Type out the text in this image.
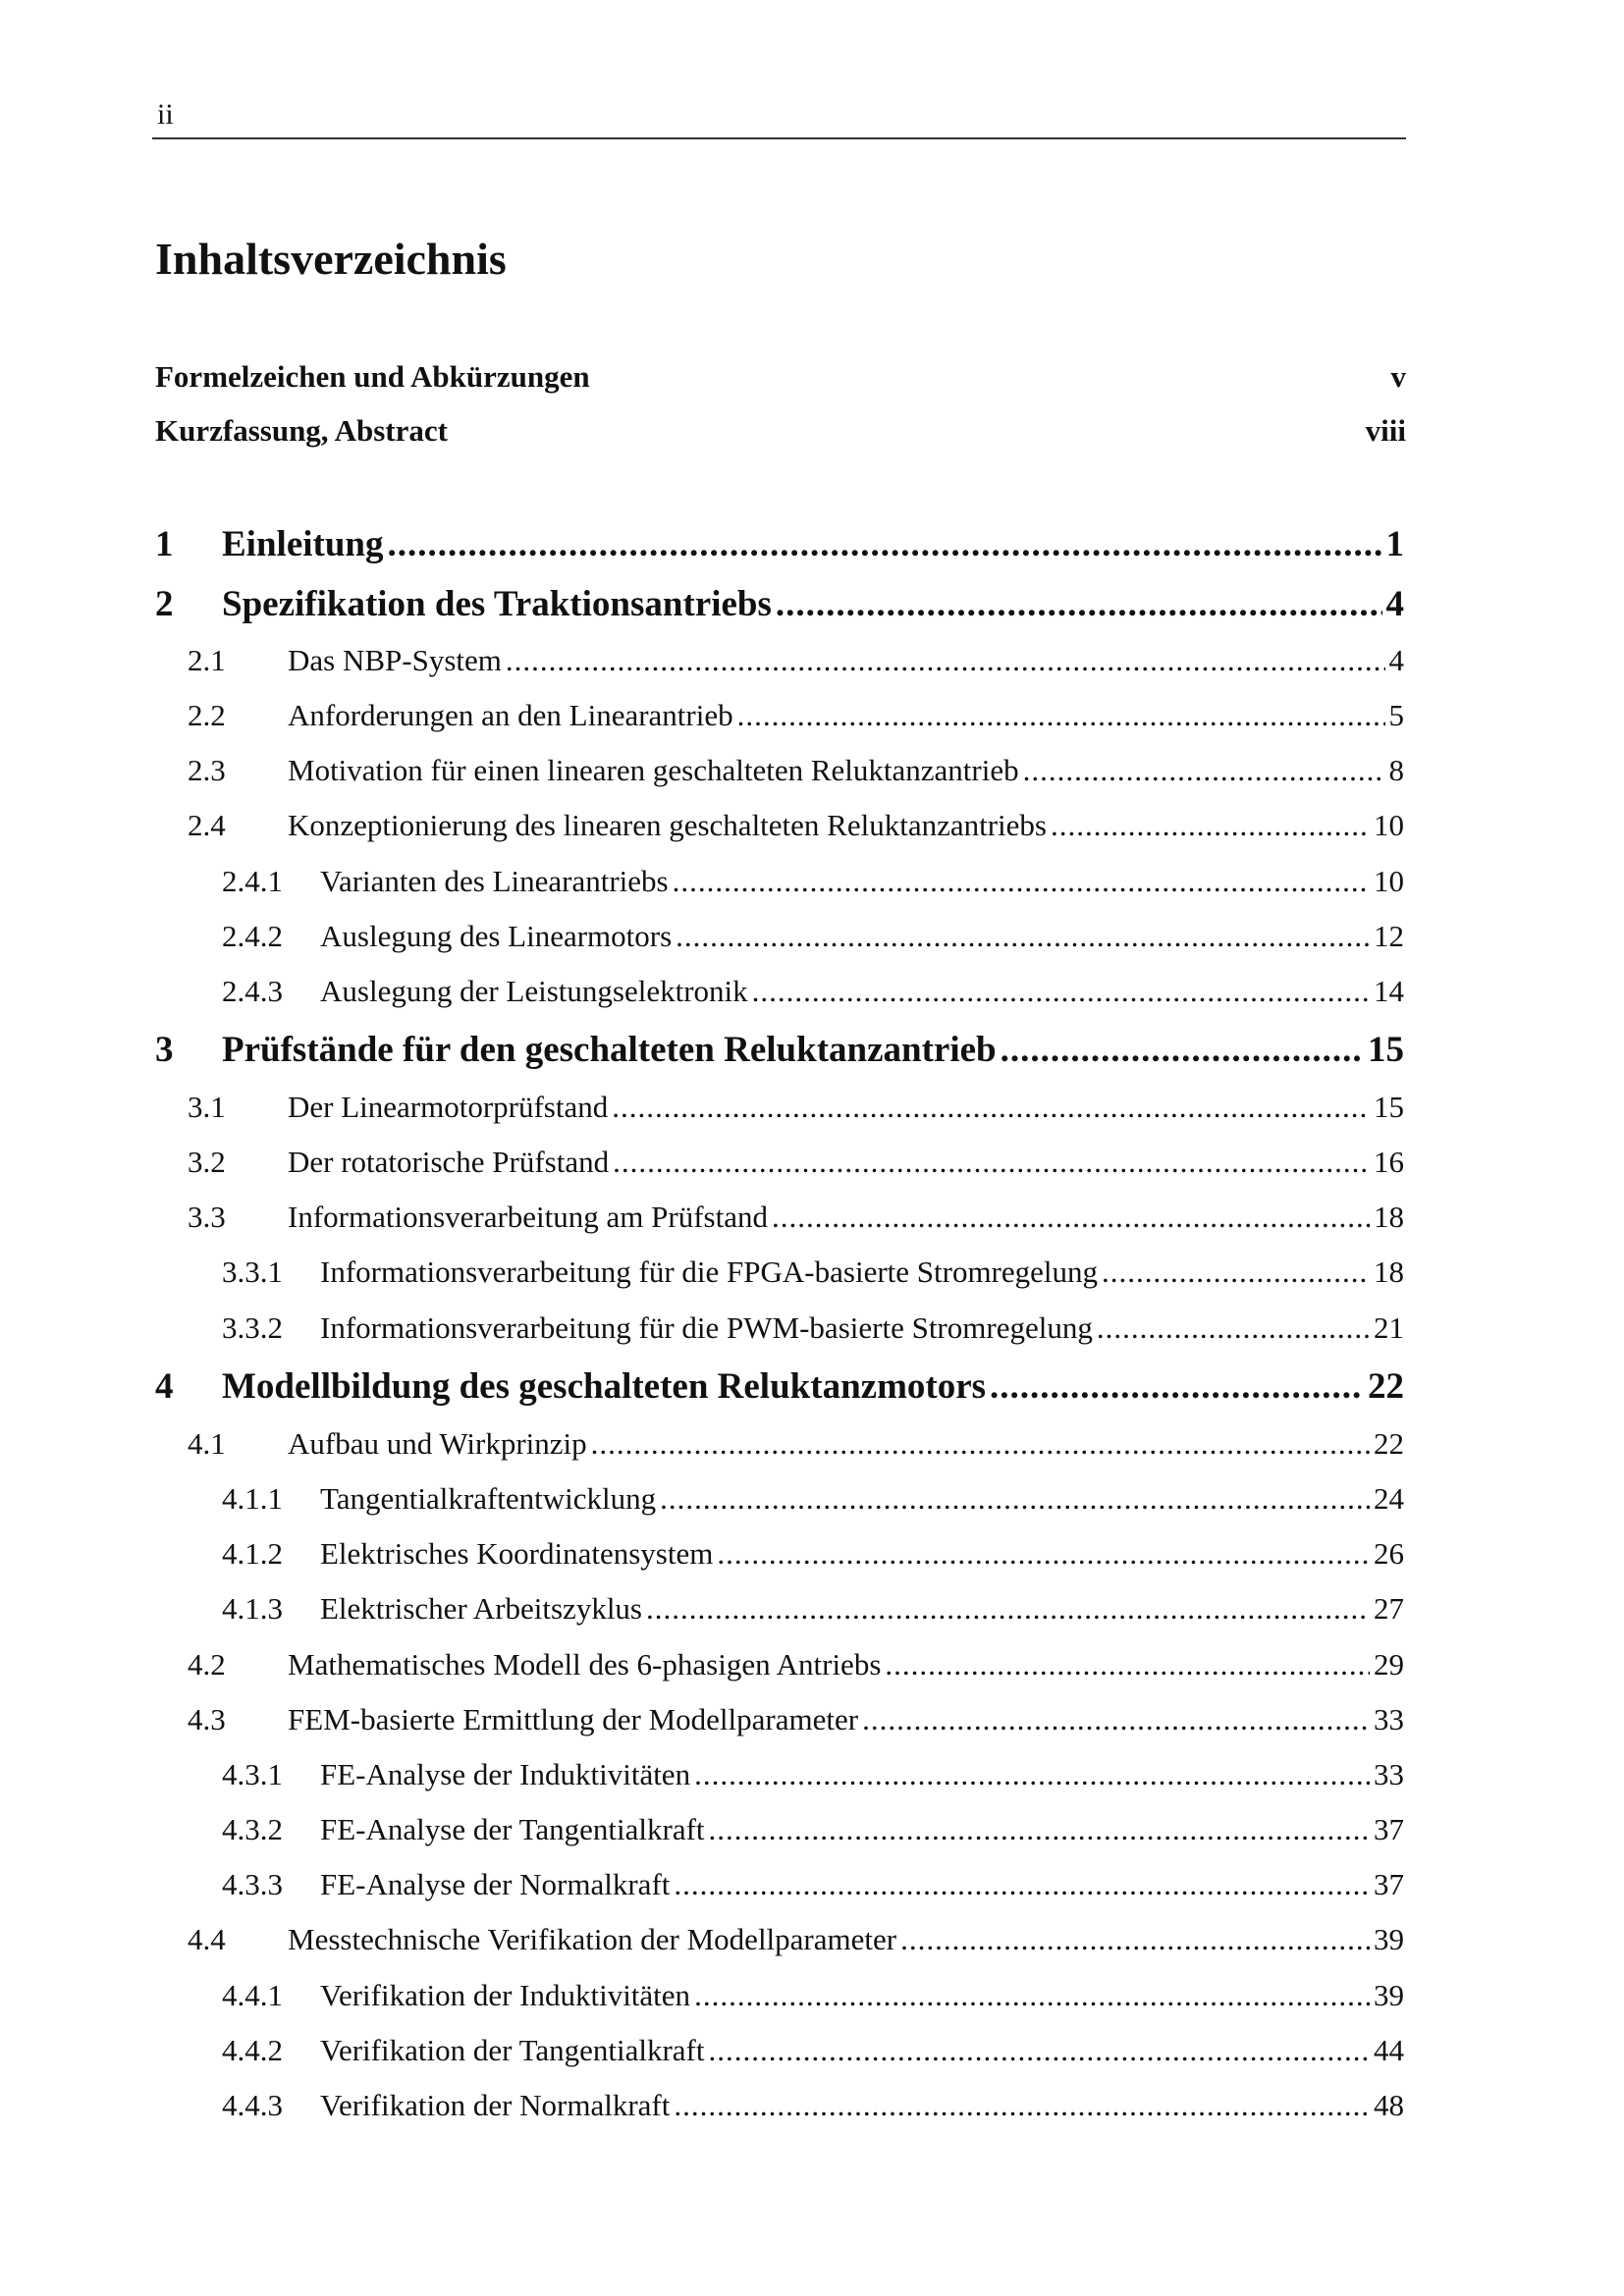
ii
Inhaltsverzeichnis
Formelzeichen und Abkürzungen	v
Kurzfassung, Abstract	viii
1	Einleitung .....	1
2	Spezifikation des Traktionsantriebs .....	4
2.1	Das NBP-System .....	4
2.2	Anforderungen an den Linearantrieb .....	5
2.3	Motivation für einen linearen geschalteten Reluktanzantrieb .....	8
2.4	Konzeptionierung des linearen geschalteten Reluktanzantriebs .....	10
2.4.1	Varianten des Linearantriebs .....	10
2.4.2	Auslegung des Linearmotors .....	12
2.4.3	Auslegung der Leistungselektronik .....	14
3	Prüfstände für den geschalteten Reluktanzantrieb .....	15
3.1	Der Linearmotorprüfstand .....	15
3.2	Der rotatorische Prüfstand .....	16
3.3	Informationsverarbeitung am Prüfstand .....	18
3.3.1	Informationsverarbeitung für die FPGA-basierte Stromregelung .....	18
3.3.2	Informationsverarbeitung für die PWM-basierte Stromregelung .....	21
4	Modellbildung des geschalteten Reluktanzmotors .....	22
4.1	Aufbau und Wirkprinzip .....	22
4.1.1	Tangentialkraftentwicklung .....	24
4.1.2	Elektrisches Koordinatensystem .....	26
4.1.3	Elektrischer Arbeitszyklus .....	27
4.2	Mathematisches Modell des 6-phasigen Antriebs .....	29
4.3	FEM-basierte Ermittlung der Modellparameter .....	33
4.3.1	FE-Analyse der Induktivitäten .....	33
4.3.2	FE-Analyse der Tangentialkraft .....	37
4.3.3	FE-Analyse der Normalkraft .....	37
4.4	Messtechnische Verifikation der Modellparameter .....	39
4.4.1	Verifikation der Induktivitäten .....	39
4.4.2	Verifikation der Tangentialkraft .....	44
4.4.3	Verifikation der Normalkraft .....	48
